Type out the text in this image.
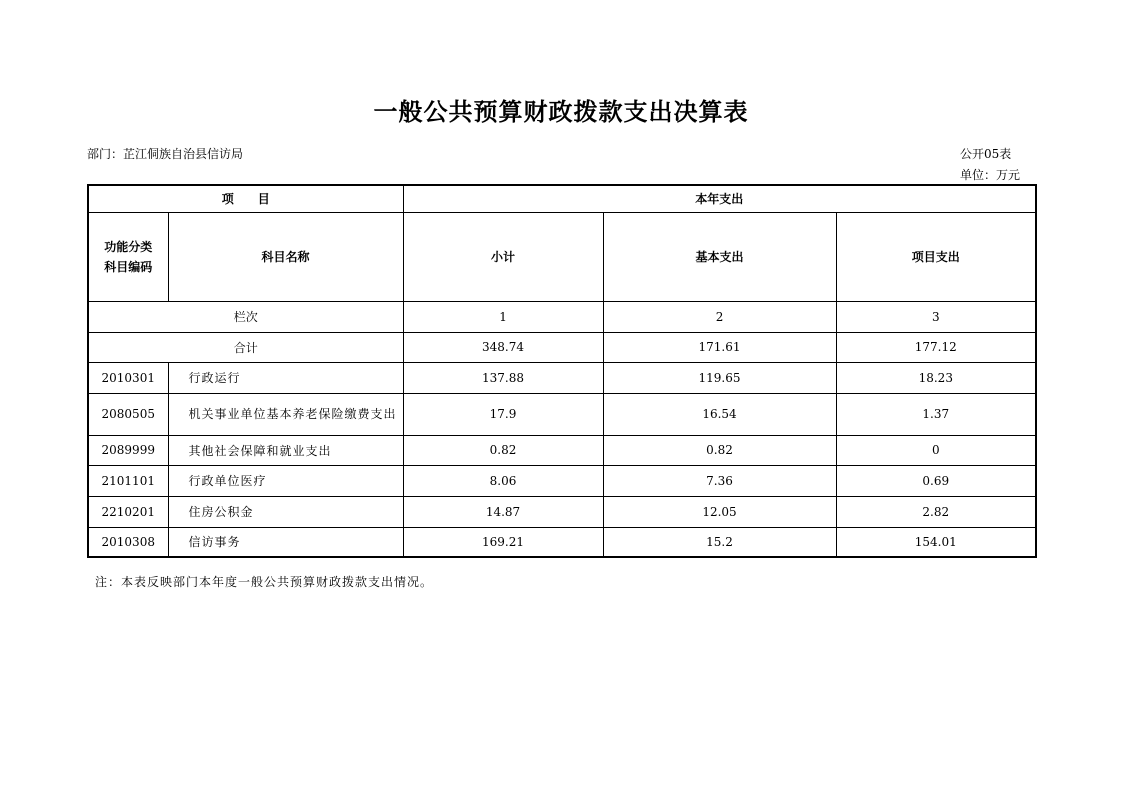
一般公共预算财政拨款支出决算表
部门：芷江侗族自治县信访局	公开05表
单位：万元
项　　目		本年支出		
功能分类
科目编码	科目名称	小计	基本支出	项目支出
栏次		1	2	3
合计		348.74	171.61	177.12
2010301	行政运行	137.88	119.65	18.23
2080505	机关事业单位基本养老保险缴费支出	17.9	16.54	1.37
2089999	其他社会保障和就业支出	0.82	0.82	0
2101101	行政单位医疗	8.06	7.36	0.69
2210201	住房公积金	14.87	12.05	2.82
2010308	信访事务	169.21	15.2	154.01
注：本表反映部门本年度一般公共预算财政拨款支出情况。
